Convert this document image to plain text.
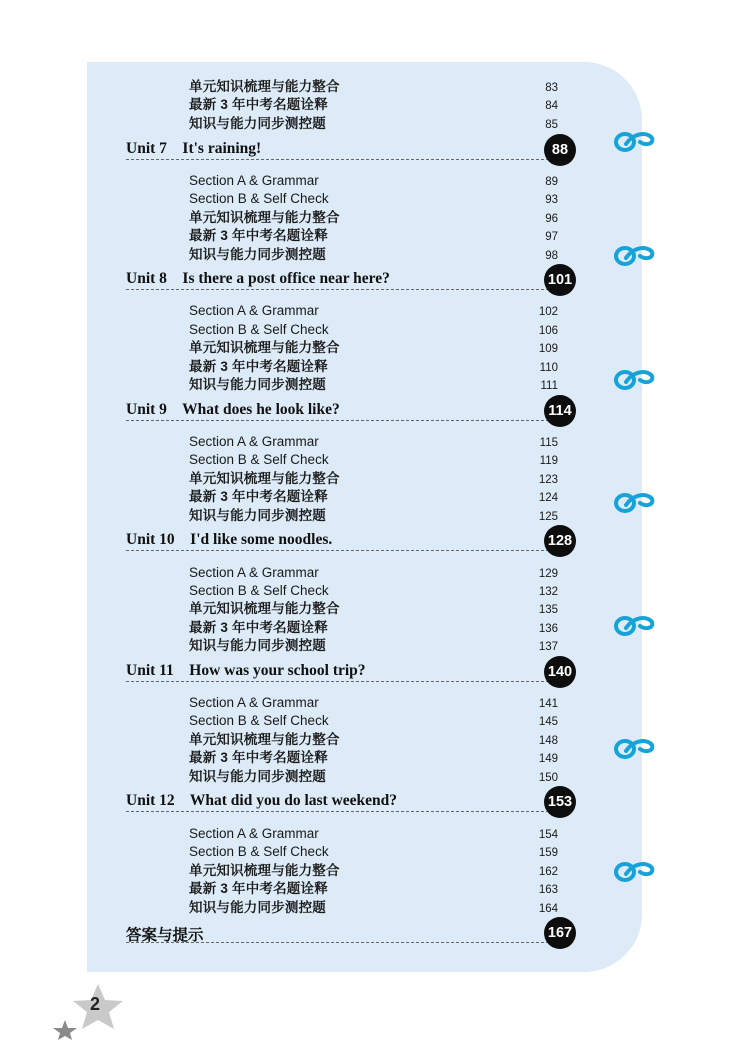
单元知识梳理与能力整合	83
最新 3 年中考名题诠释	84
知识与能力同步测控题	85
Unit 7    It's raining!	88
Section A & Grammar	89
Section B & Self Check	93
单元知识梳理与能力整合	96
最新 3 年中考名题诠释	97
知识与能力同步测控题	98
Unit 8    Is there a post office near here?	101
Section A & Grammar	102
Section B & Self Check	106
单元知识梳理与能力整合	109
最新 3 年中考名题诠释	110
知识与能力同步测控题	111
Unit 9    What does he look like?	114
Section A & Grammar	115
Section B & Self Check	119
单元知识梳理与能力整合	123
最新 3 年中考名题诠释	124
知识与能力同步测控题	125
Unit 10    I'd like some noodles.	128
Section A & Grammar	129
Section B & Self Check	132
单元知识梳理与能力整合	135
最新 3 年中考名题诠释	136
知识与能力同步测控题	137
Unit 11    How was your school trip?	140
Section A & Grammar	141
Section B & Self Check	145
单元知识梳理与能力整合	148
最新 3 年中考名题诠释	149
知识与能力同步测控题	150
Unit 12    What did you do last weekend?	153
Section A & Grammar	154
Section B & Self Check	159
单元知识梳理与能力整合	162
最新 3 年中考名题诠释	163
知识与能力同步测控题	164
答案与提示	167
2
